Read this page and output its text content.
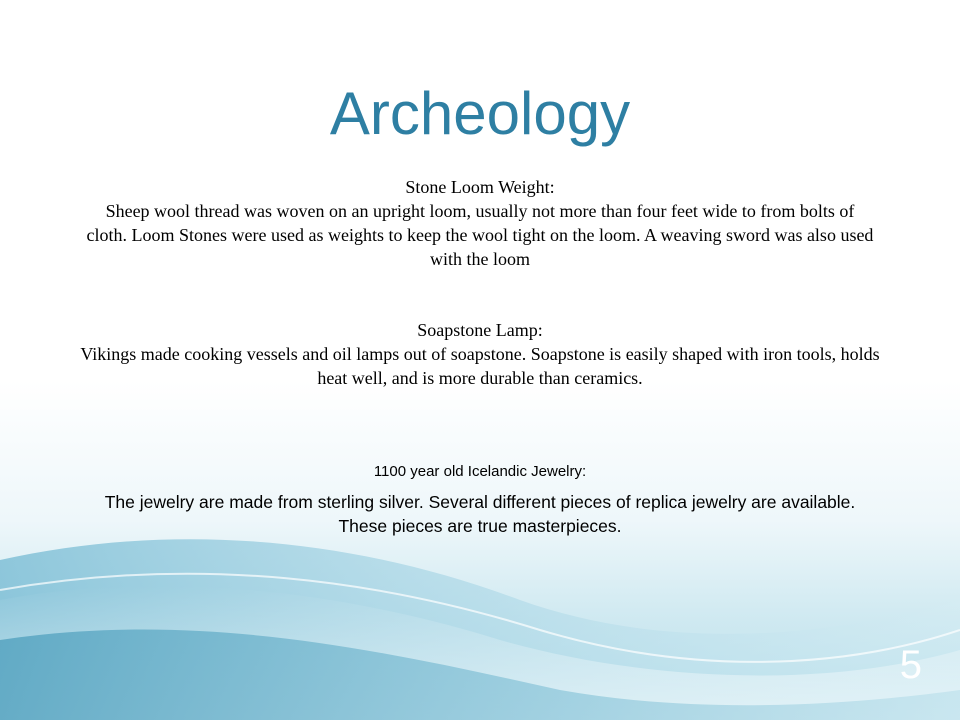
Archeology

Stone Loom Weight:

Sheep wool thread was woven on an upright loom, usually not more than four feet wide to from bolts of

cloth. Loom Stones were used as weights to keep the wool tight on the loom. A weaving sword was also used

with the loom

Soapstone Lamp:

Vikings made cooking vessels and oil lamps out of soapstone. Soapstone is easily shaped with iron tools, holds

heat well, and is more durable than ceramics.

1100 year old Icelandic Jewelry:

The jewelry are made from sterling silver. Several different pieces of replica jewelry are available.

These pieces are true masterpieces.

5
